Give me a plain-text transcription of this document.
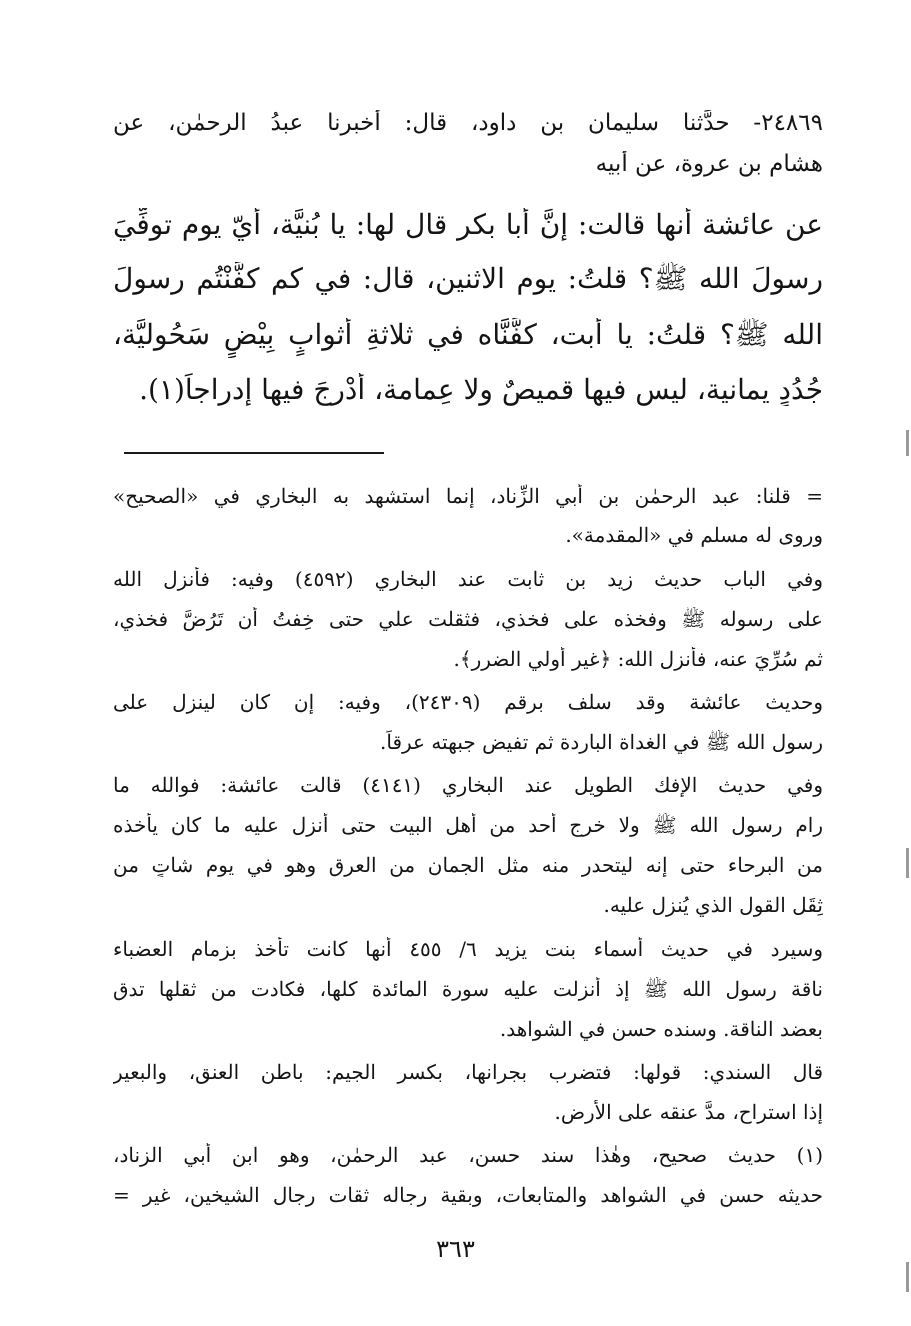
٢٤٨٦٩- حدَّثنا سليمان بن داود، قال: أخبرنا عبدُ الرحمٰن، عن
هشام بن عروة، عن أبيه
عن عائشة أنها قالت: إنَّ أبا بكر قال لها: يا بُنيَّة، أيّ يوم توفِّيَ
رسولَ الله ﷺ؟ قلتُ: يوم الاثنين، قال: في كم كفَّنْتُم رسولَ
الله ﷺ؟ قلتُ: يا أبت، كفَّنَّاه في ثلاثةِ أثوابٍ بِيْضٍ سَحُوليَّة،
جُدُدٍ يمانية، ليس فيها قميصٌ ولا عِمامة، أُدْرِجَ فيها إدراجاً(١).
= قلنا: عبد الرحمٰن بن أبي الزِّناد، إنما استشهد به البخاري في «الصحيح»
وروى له مسلم في «المقدمة».
وفي الباب حديث زيد بن ثابت عند البخاري (٤٥٩٢) وفيه: فأنزل الله
على رسوله ﷺ وفخذه على فخذي، فثقلت علي حتى خِفتُ أن تَرُضَّ فخذي،
ثم سُرِّيَ عنه، فأنزل الله: ﴿غير أولي الضرر﴾.
وحديث عائشة وقد سلف برقم (٢٤٣٠٩)، وفيه: إن كان لينزل على
رسول الله ﷺ في الغداة الباردة ثم تفيض جبهته عرقاً.
وفي حديث الإفك الطويل عند البخاري (٤١٤١) قالت عائشة: فوالله ما
رام رسول الله ﷺ ولا خرج أحد من أهل البيت حتى أنزل عليه ما كان يأخذه
من البرحاء حتى إنه ليتحدر منه مثل الجمان من العرق وهو في يوم شاتٍ من
ثِقَلِ القولِ الذي يُنزل عليه.
وسيرد في حديث أسماء بنت يزيد ٦/ ٤٥٥ أنها كانت تأخذ بزمام العضباء
ناقة رسول الله ﷺ إذ أنزلت عليه سورة المائدة كلها، فكادت من ثقلها تدق
بعضد الناقة. وسنده حسن في الشواهد.
قال السندي: قولها: فتضرب بجرانها، بكسر الجيم: باطن العنق، والبعير
إذا استراح، مدَّ عنقه على الأرض.
(١) حديث صحيح، وهٰذا سند حسن، عبد الرحمٰن، وهو ابن أبي الزناد،
حديثه حسن في الشواهد والمتابعات، وبقية رجاله ثقات رجال الشيخين، غير =
٣٦٣
